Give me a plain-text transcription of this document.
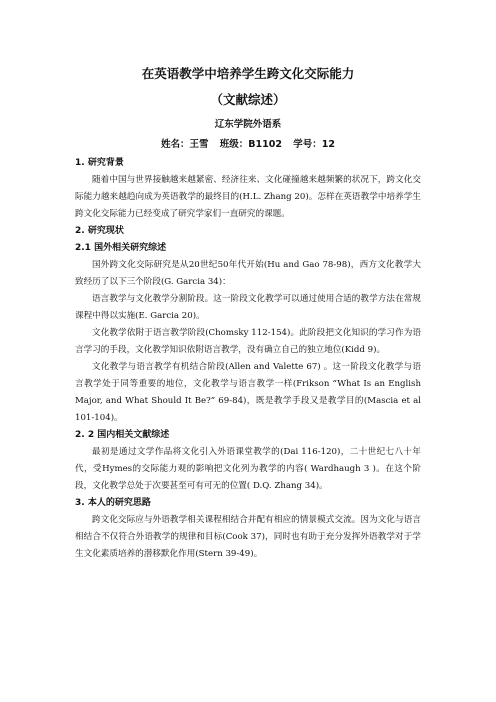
在英语教学中培养学生跨文化交际能力
（文献综述）
辽东学院外语系
姓名：王雪 班级：B1102 学号：12
1. 研究背景

随着中国与世界接触越来越紧密、经济往来、文化碰撞越来越频繁的状况下，跨文化交际能力越来越趋向成为英语教学的最终目的(H.L. Zhang 20)。怎样在英语教学中培养学生跨文化交际能力已经变成了研究学家们一直研究的课题。

2. 研究现状
2.1 国外相关研究综述

国外跨文化交际研究是从20世纪50年代开始(Hu and Gao 78-98)，西方文化教学大致经历了以下三个阶段(G. Garcia 34)：

语言教学与文化教学分割阶段。这一阶段文化教学可以通过使用合适的教学方法在常规课程中得以实施(E. Garcia 20)。

文化教学依附于语言教学阶段(Chomsky 112-154)。此阶段把文化知识的学习作为语言学习的手段，文化教学知识依附语言教学，没有确立自己的独立地位(Kidd 9)。

文化教学与语言教学有机结合阶段(Allen and Valette 67) 。这一阶段文化教学与语言教学处于同等重要的地位，文化教学与语言教学一样(Frikson “What Is an English Major, and What Should It Be?” 69-84)，既是教学手段又是教学目的(Mascia et al 101-104)。

2. 2 国内相关文献综述

最初是通过文学作品将文化引入外语课堂教学的(Dai 116-120)，二十世纪七八十年代，受Hymes的交际能力观的影响把文化列为教学的内容( Wardhaugh 3 )。在这个阶段，文化教学总处于次要甚至可有可无的位置( D.Q. Zhang 34)。

3. 本人的研究思路

跨文化交际应与外语教学相关课程相结合并配有相应的情景模式交流。因为文化与语言相结合不仅符合外语教学的规律和目标(Cook 37)，同时也有助于充分发挥外语教学对于学生文化素质培养的潜移默化作用(Stern 39-49)。
